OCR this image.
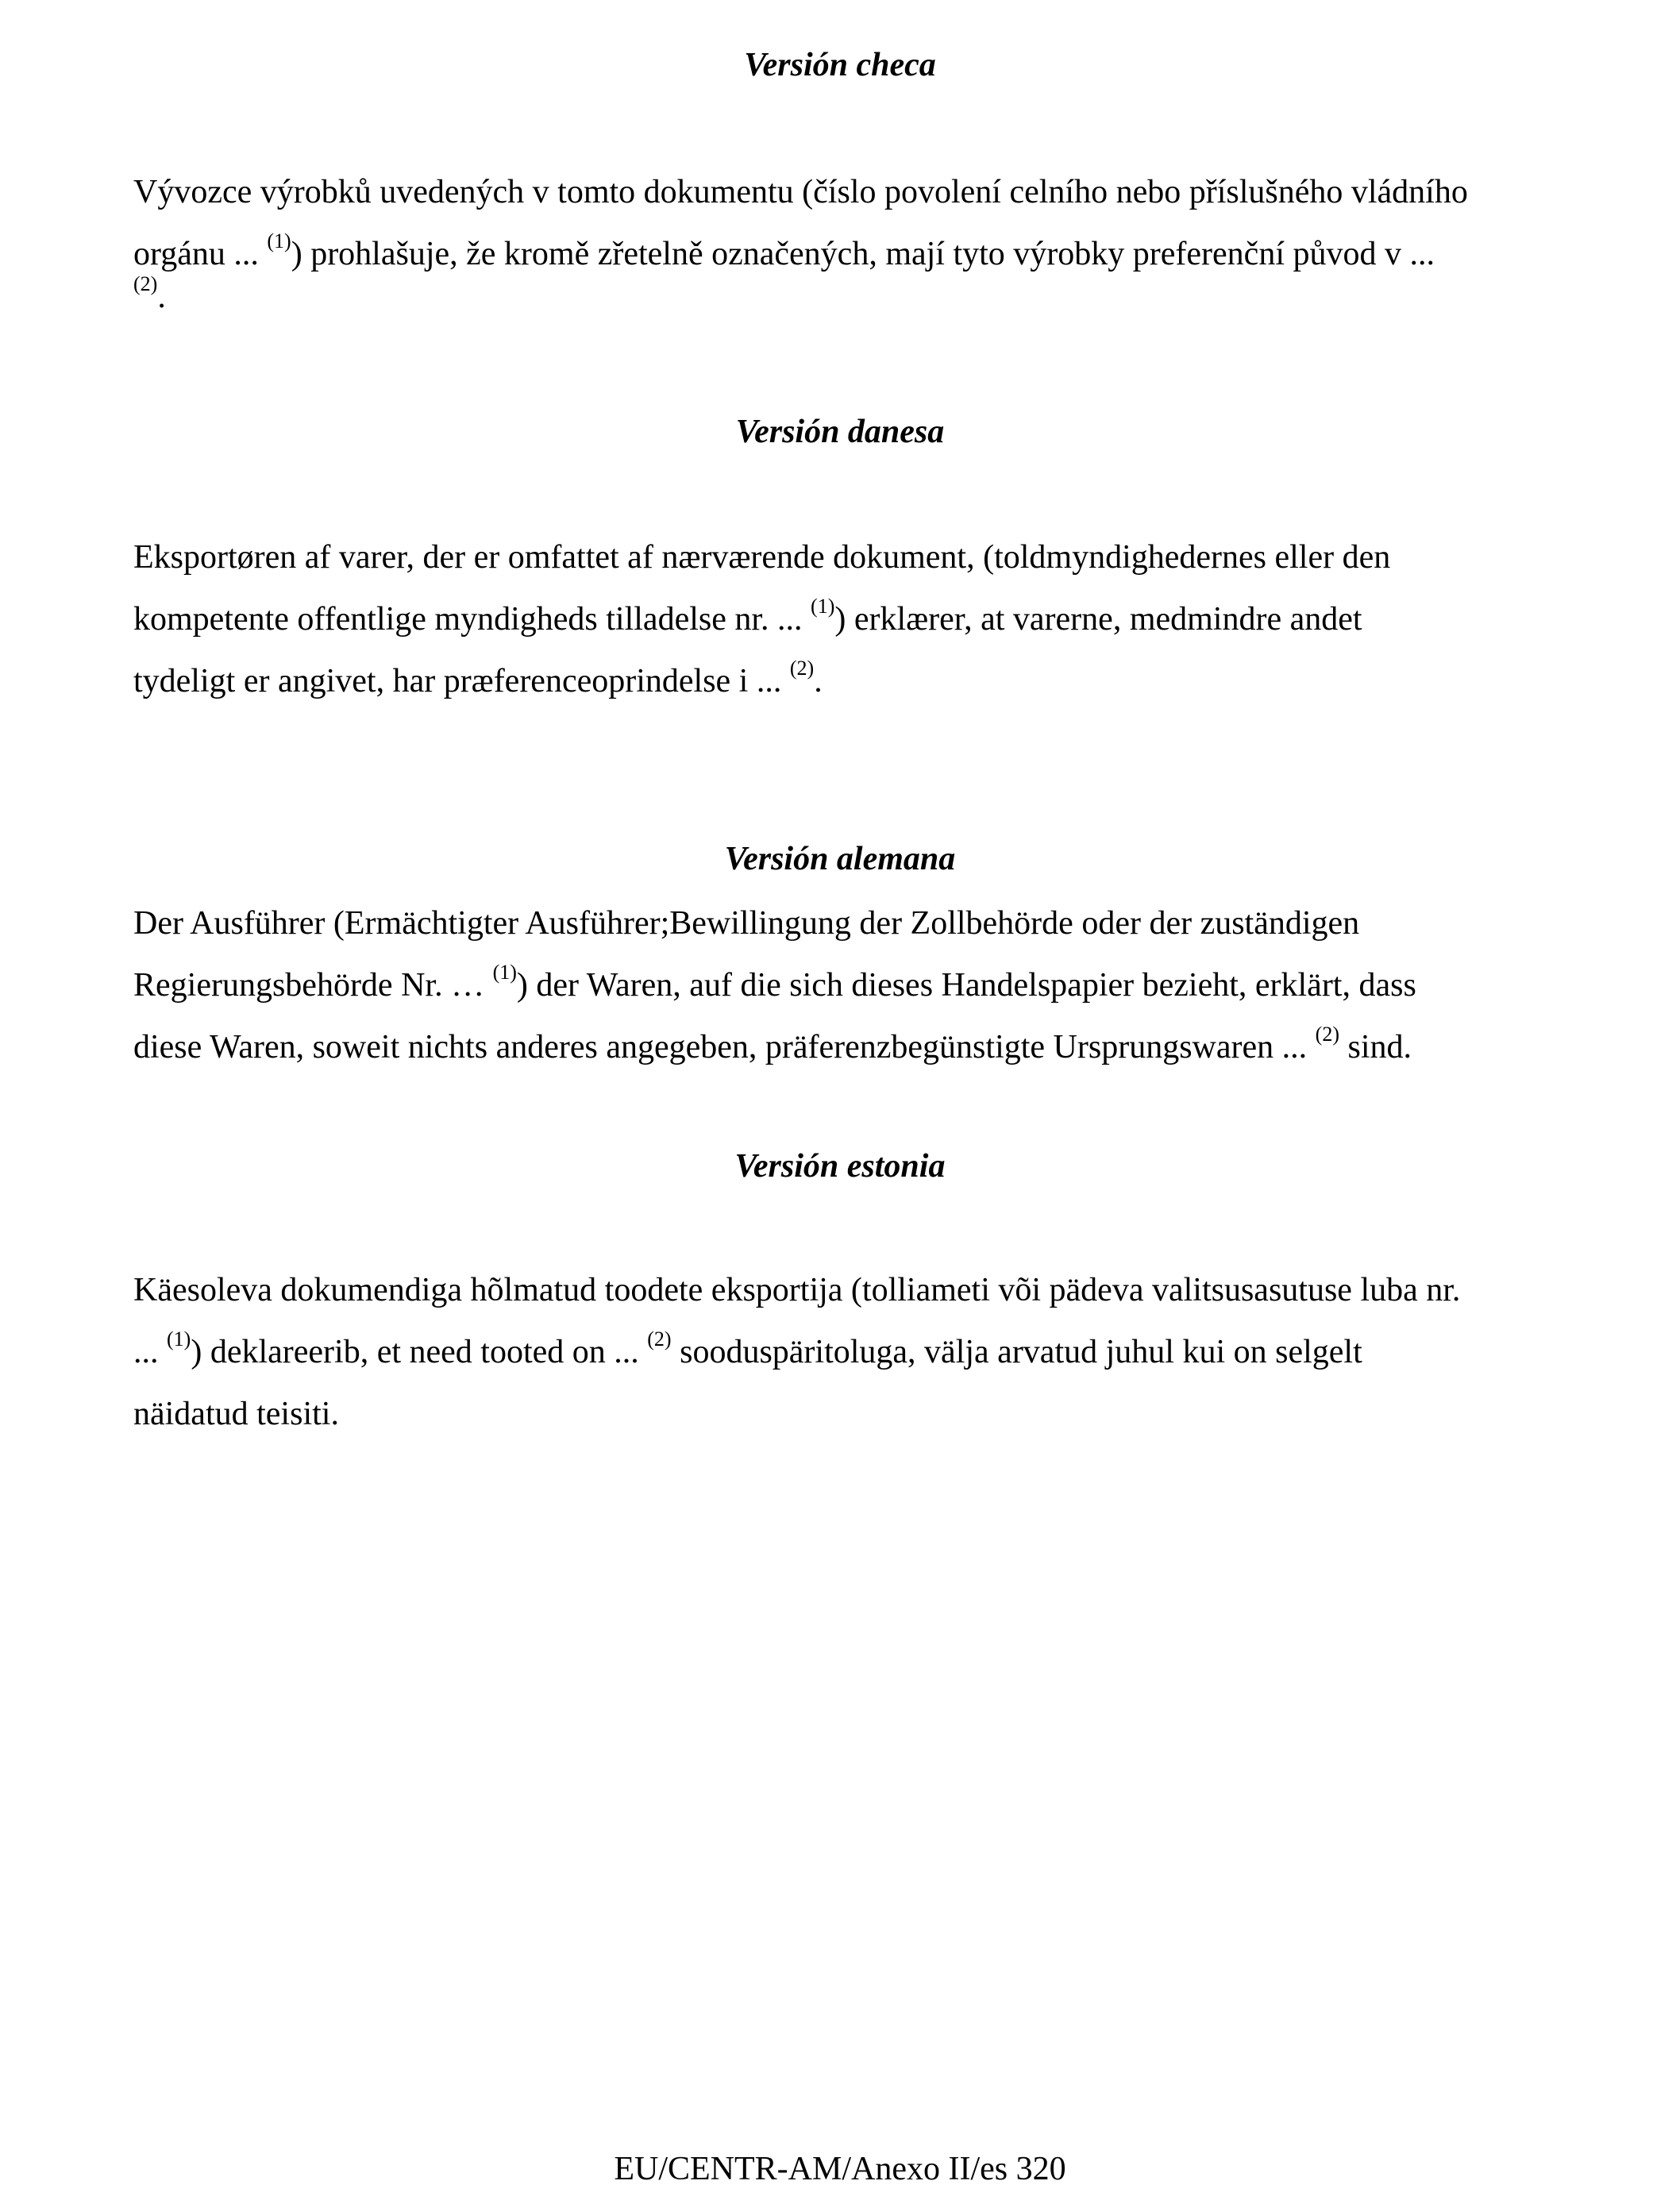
Versión checa
Vývozce výrobků uvedených v tomto dokumentu (číslo povolení celního nebo příslušného vládního
orgánu ... $^{(1)}$) prohlašuje, že kromě zřetelně označených, mají tyto výrobky preferenční původ v ...
$^{(2)}$.
Versión danesa
Eksportøren af varer, der er omfattet af nærværende dokument, (toldmyndighedernes eller den
kompetente offentlige myndigheds tilladelse nr. ... $^{(1)}$) erklærer, at varerne, medmindre andet
tydeligt er angivet, har præferenceoprindelse i ... $^{(2)}$.
Versión alemana
Der Ausführer (Ermächtigter Ausführer;Bewillingung der Zollbehörde oder der zuständigen
Regierungsbehörde Nr. … $^{(1)}$) der Waren, auf die sich dieses Handelspapier bezieht, erklärt, dass
diese Waren, soweit nichts anderes angegeben, präferenzbegünstigte Ursprungswaren ... $^{(2)}$ sind.
Versión estonia
Käesoleva dokumendiga hõlmatud toodete eksportija (tolliameti või pädeva valitsusasutuse luba nr.
... $^{(1)}$) deklareerib, et need tooted on ... $^{(2)}$ sooduspäritoluga, välja arvatud juhul kui on selgelt
näidatud teisiti.
EU/CENTR-AM/Anexo II/es 320
